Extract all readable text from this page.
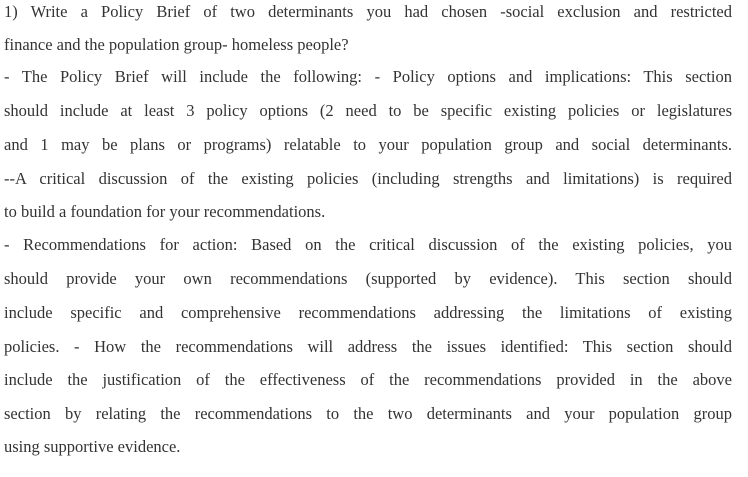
1) Write a Policy Brief of two determinants you had chosen -social exclusion and restricted
finance and the population group- homeless people?
- The Policy Brief will include the following: - Policy options and implications: This section
should include at least 3 policy options (2 need to be specific existing policies or legislatures
and 1 may be plans or programs) relatable to your population group and social determinants.
--A critical discussion of the existing policies (including strengths and limitations) is required
to build a foundation for your recommendations.
- Recommendations for action: Based on the critical discussion of the existing policies, you
should provide your own recommendations (supported by evidence). This section should
include specific and comprehensive recommendations addressing the limitations of existing
policies. - How the recommendations will address the issues identified: This section should
include the justification of the effectiveness of the recommendations provided in the above
section by relating the recommendations to the two determinants and your population group
using supportive evidence.
